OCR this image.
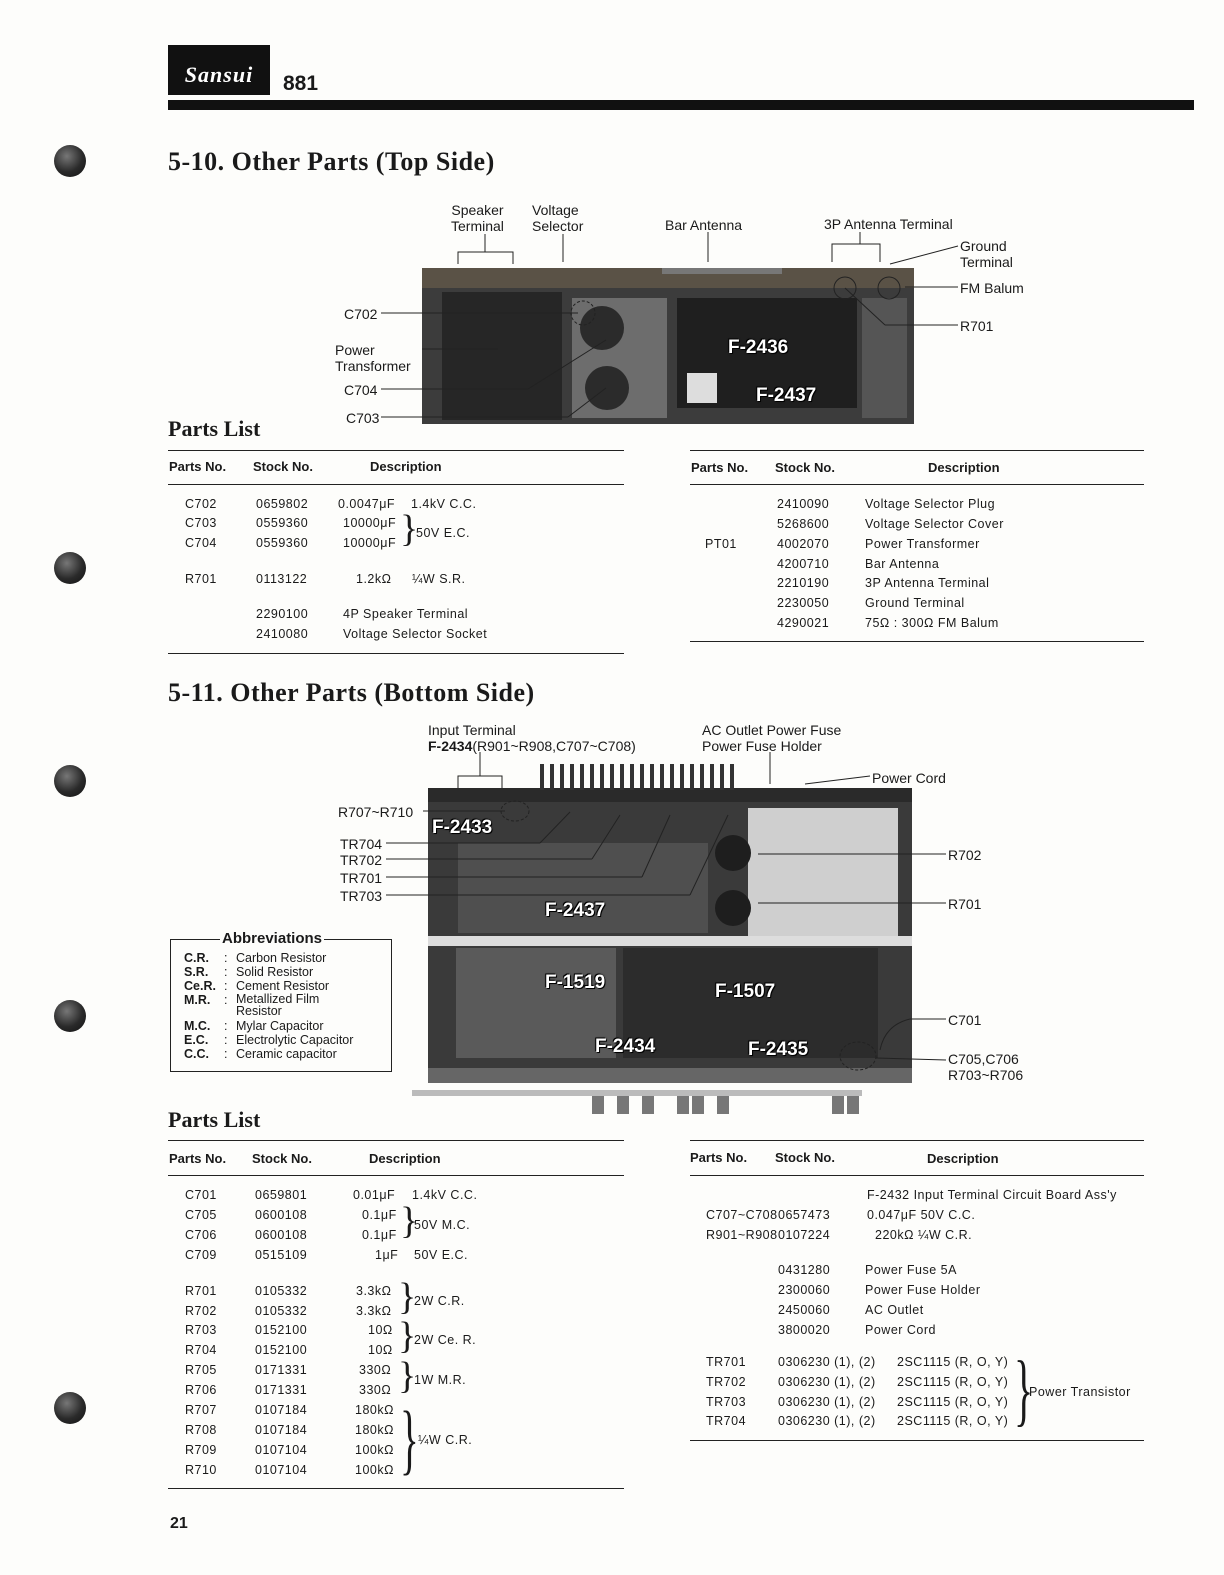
Sansui	881
5-10. Other Parts (Top Side)
F-2436
F-2437
Speaker
Terminal
Voltage
Selector	Bar Antenna	3P Antenna Terminal
Ground
Terminal
FM Balum
R701
C702
Power
Transformer
C704
C703
Parts List
Parts No. Stock No.	Description
C702	0659802 0.0047μF 1.4kV C.C.
C703	0559360	10000μF
C704	0559360	10000μF }
50V E.C.
R701	0113122	1.2kΩ ¼W S.R.
2290100	4P Speaker Terminal
2410080	Voltage Selector Socket
Parts No. Stock No.	Description
2410090	Voltage Selector Plug
5268600	Voltage Selector Cover
PT01	4002070	Power Transformer
4200710	Bar Antenna
2210190	3P Antenna Terminal
2230050	Ground Terminal
4290021	75Ω : 300Ω FM Balum
5-11. Other Parts (Bottom Side)
F-2433
F-2437
F-1519	F-1507
F-2434	F-2435
Input Terminal
F-2434(R901~R908,C707~C708)
AC Outlet Power Fuse
Power Fuse Holder
Power Cord
R707~R710
TR704
TR702
TR701
TR703
R702
R701
C701
C705,C706
R703~R706
Abbreviations
C.R. : Carbon Resistor
S.R. : Solid Resistor
Ce.R. : Cement Resistor
M.R. : Metallized Film
Resistor
M.C. : Mylar Capacitor
E.C. : Electrolytic Capacitor
C.C. : Ceramic capacitor
Parts List
Parts No. Stock No.	Description
C701	0659801	0.01μF 1.4kV C.C.
C705	0600108	0.1μF
C706	0600108	0.1μF }
50V M.C.
C709	0515109	1μF 50V E.C.
R701	0105332	3.3kΩ
R702	0105332	3.3kΩ }
2W C.R.
R703	0152100	10Ω
R704	0152100	10Ω }
2W Ce. R.
R705	0171331	330Ω
R706	0171331	330Ω }
1W M.R.
R707	0107184	180kΩ
R708	0107184	180kΩ
R709	0107104	100kΩ
R710	0107104	100kΩ } ¼W C.R.
Parts No. Stock No.	Description
F-2432 Input Terminal Circuit Board Ass'y
C707~C708 0657473	0.047μF 50V C.C.
R901~R908 0107224	220kΩ ¼W C.R.
0431280	Power Fuse 5A
2300060	Power Fuse Holder
2450060	AC Outlet
3800020	Power Cord
TR701	0306230 (1), (2) 2SC1115 (R, O, Y)
TR702	0306230 (1), (2) 2SC1115 (R, O, Y)
TR703	0306230 (1), (2) 2SC1115 (R, O, Y)
TR704	0306230 (1), (2) 2SC1115 (R, O, Y) }
Power Transistor
21
